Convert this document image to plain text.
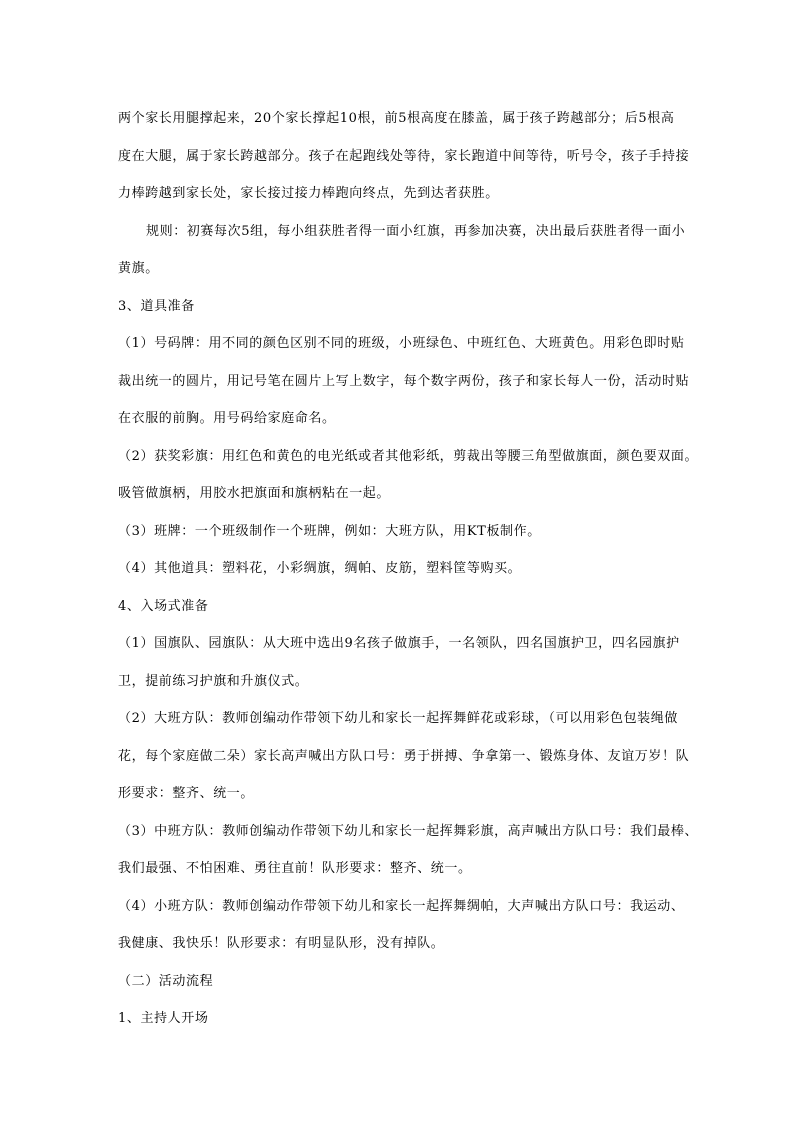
两个家长用腿撑起来，20个家长撑起10根，前5根高度在膝盖，属于孩子跨越部分；后5根高
度在大腿，属于家长跨越部分。孩子在起跑线处等待，家长跑道中间等待，听号令，孩子手持接
力棒跨越到家长处，家长接过接力棒跑向终点，先到达者获胜。
规则：初赛每次5组，每小组获胜者得一面小红旗，再参加决赛，决出最后获胜者得一面小
黄旗。
3、道具准备
（1）号码牌：用不同的颜色区别不同的班级，小班绿色、中班红色、大班黄色。用彩色即时贴
裁出统一的圆片，用记号笔在圆片上写上数字，每个数字两份，孩子和家长每人一份，活动时贴
在衣服的前胸。用号码给家庭命名。
（2）获奖彩旗：用红色和黄色的电光纸或者其他彩纸，剪裁出等腰三角型做旗面，颜色要双面。
吸管做旗柄，用胶水把旗面和旗柄粘在一起。
（3）班牌：一个班级制作一个班牌，例如：大班方队，用KT板制作。
（4）其他道具：塑料花，小彩绸旗，绸帕、皮筋，塑料筐等购买。
4、入场式准备
（1）国旗队、园旗队：从大班中选出9名孩子做旗手，一名领队，四名国旗护卫，四名园旗护
卫，提前练习护旗和升旗仪式。
（2）大班方队：教师创编动作带领下幼儿和家长一起挥舞鲜花或彩球，（可以用彩色包装绳做
花，每个家庭做二朵）家长高声喊出方队口号：勇于拼搏、争拿第一、锻炼身体、友谊万岁！队
形要求：整齐、统一。
（3）中班方队：教师创编动作带领下幼儿和家长一起挥舞彩旗，高声喊出方队口号：我们最棒、
我们最强、不怕困难、勇往直前！队形要求：整齐、统一。
（4）小班方队：教师创编动作带领下幼儿和家长一起挥舞绸帕，大声喊出方队口号：我运动、
我健康、我快乐！队形要求：有明显队形，没有掉队。
（二）活动流程
1、主持人开场
